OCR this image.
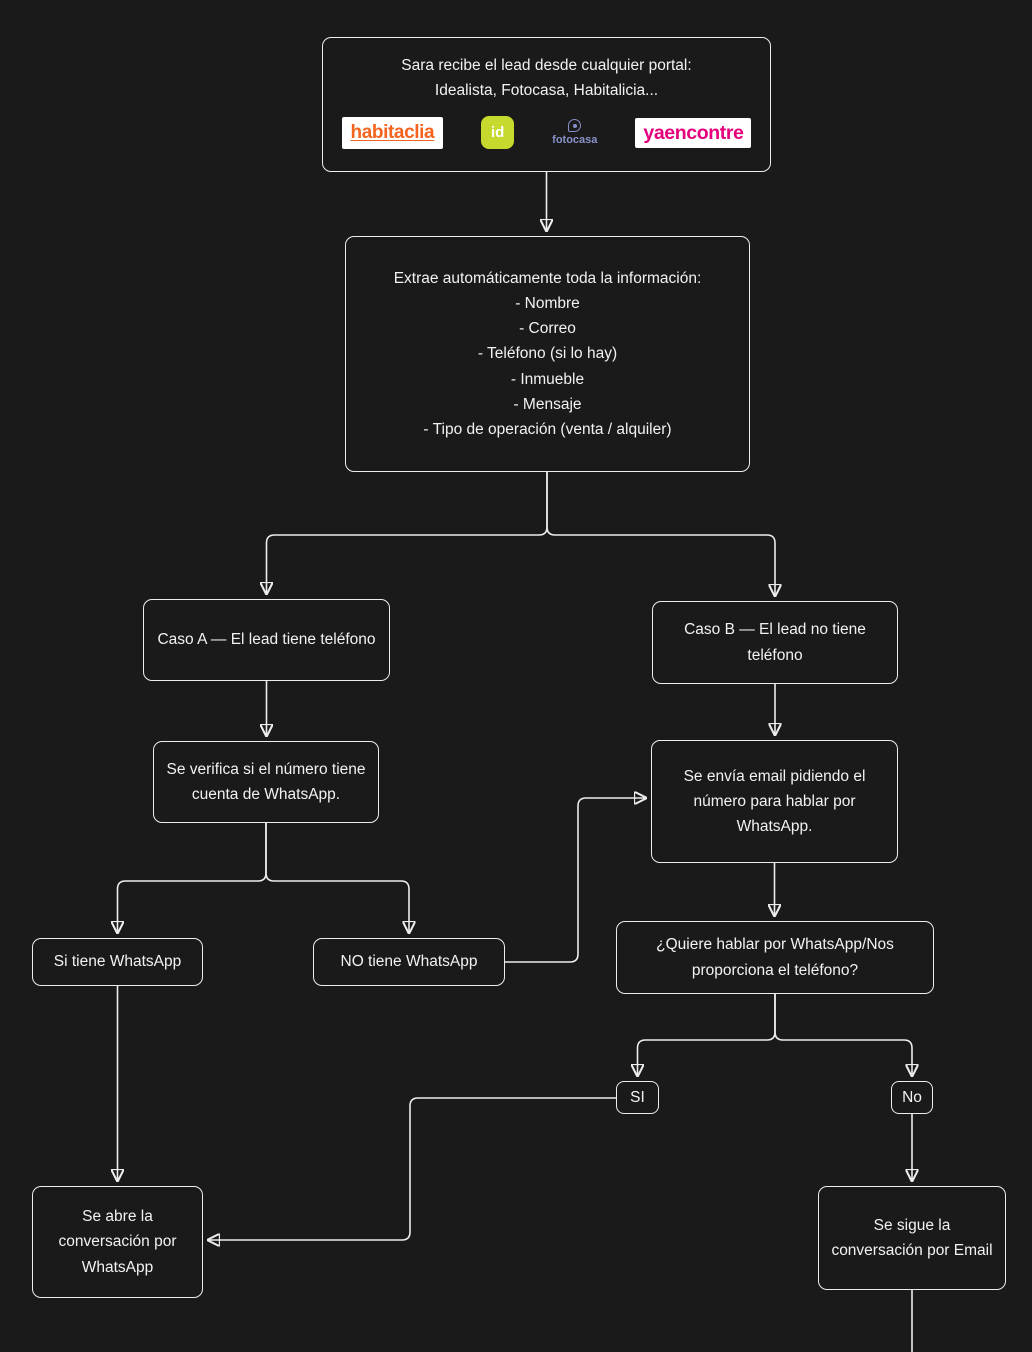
Sara recibe el lead desde cualquier portal:
Idealista, Fotocasa, Habitalicia...
habitaclia	id	fotocasa	yaencontre
Extrae automáticamente toda la información:
- Nombre
- Correo
- Teléfono (si lo hay)
- Inmueble
- Mensaje
- Tipo de operación (venta / alquiler)
Caso A — El lead tiene teléfono
Caso B — El lead no tiene teléfono
Se verifica si el número tiene cuenta de WhatsApp.
Si tiene WhatsApp	NO tiene WhatsApp
Se envía email pidiendo el número para hablar por WhatsApp.
¿Quiere hablar por WhatsApp/Nos proporciona el teléfono?
SI	No
Se abre la conversación por WhatsApp
Se sigue la conversación por Email
